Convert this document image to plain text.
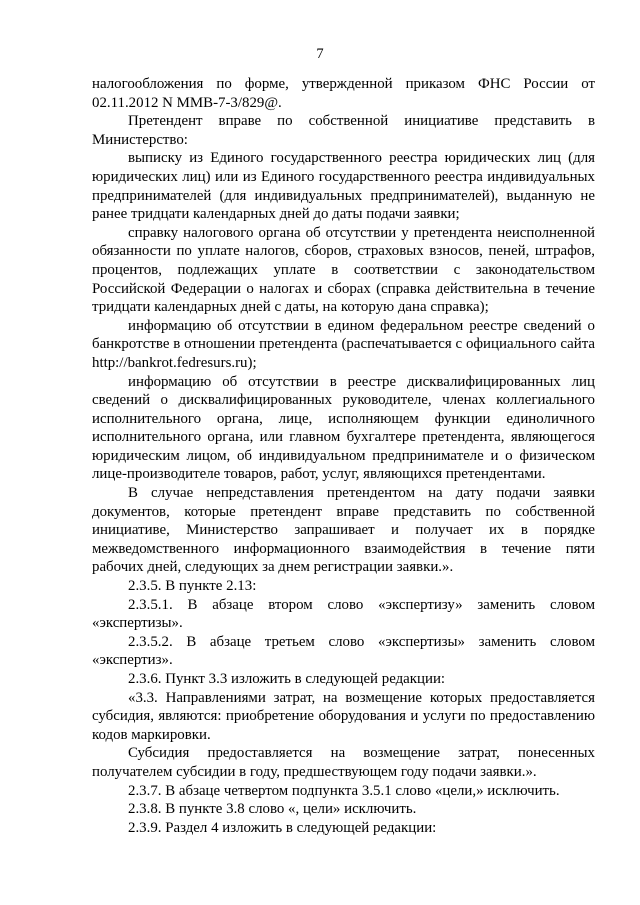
7

налогообложения по форме, утвержденной приказом ФНС России от 02.11.2012 N ММВ-7-3/829@.

Претендент вправе по собственной инициативе представить в Министерство:

выписку из Единого государственного реестра юридических лиц (для юридических лиц) или из Единого государственного реестра индивидуальных предпринимателей (для индивидуальных предпринимателей), выданную не ранее тридцати календарных дней до даты подачи заявки;

справку налогового органа об отсутствии у претендента неисполненной обязанности по уплате налогов, сборов, страховых взносов, пеней, штрафов, процентов, подлежащих уплате в соответствии с законодательством Российской Федерации о налогах и сборах (справка действительна в течение тридцати календарных дней с даты, на которую дана справка);

информацию об отсутствии в едином федеральном реестре сведений о банкротстве в отношении претендента (распечатывается с официального сайта http://bankrot.fedresurs.ru);

информацию об отсутствии в реестре дисквалифицированных лиц сведений о дисквалифицированных руководителе, членах коллегиального исполнительного органа, лице, исполняющем функции единоличного исполнительного органа, или главном бухгалтере претендента, являющегося юридическим лицом, об индивидуальном предпринимателе и о физическом лице-производителе товаров, работ, услуг, являющихся претендентами.

В случае непредставления претендентом на дату подачи заявки документов, которые претендент вправе представить по собственной инициативе, Министерство запрашивает и получает их в порядке межведомственного информационного взаимодействия в течение пяти рабочих дней, следующих за днем регистрации заявки.».

2.3.5. В пункте 2.13:

2.3.5.1. В абзаце втором слово «экспертизу» заменить словом «экспертизы».

2.3.5.2. В абзаце третьем слово «экспертизы» заменить словом «экспертиз».

2.3.6. Пункт 3.3 изложить в следующей редакции:

«3.3. Направлениями затрат, на возмещение которых предоставляется субсидия, являются: приобретение оборудования и услуги по предоставлению кодов маркировки.

Субсидия предоставляется на возмещение затрат, понесенных получателем субсидии в году, предшествующем году подачи заявки.».

2.3.7. В абзаце четвертом подпункта 3.5.1 слово «цели,» исключить.

2.3.8. В пункте 3.8 слово «, цели» исключить.

2.3.9. Раздел 4 изложить в следующей редакции:
